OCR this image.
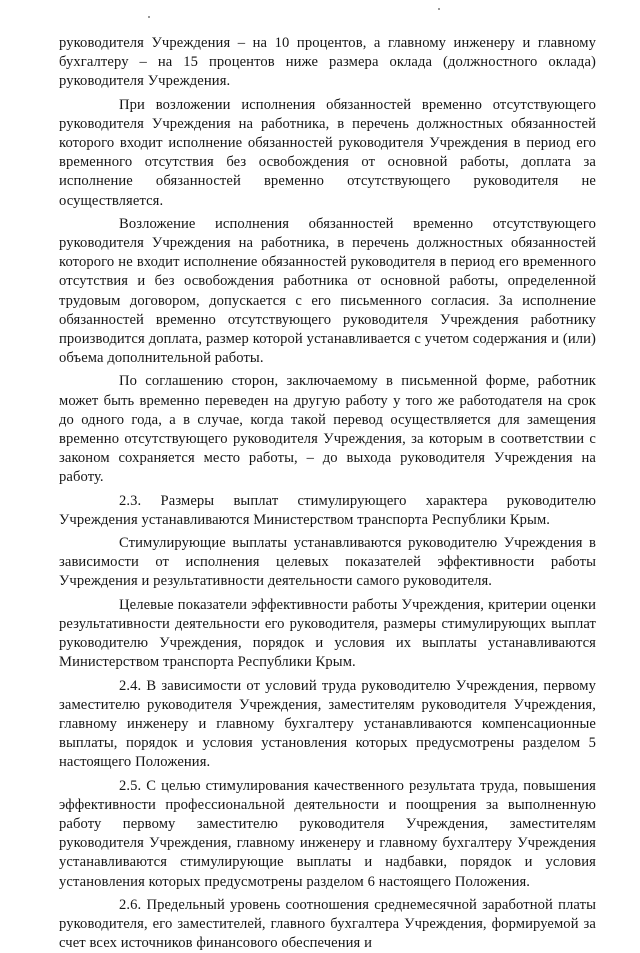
руководителя Учреждения – на 10 процентов, а главному инженеру и главному бухгалтеру – на 15 процентов ниже размера оклада (должностного оклада) руководителя Учреждения.

При возложении исполнения обязанностей временно отсутствующего руководителя Учреждения на работника, в перечень должностных обязанностей которого входит исполнение обязанностей руководителя Учреждения в период его временного отсутствия без освобождения от основной работы, доплата за исполнение обязанностей временно отсутствующего руководителя не осуществляется.

Возложение исполнения обязанностей временно отсутствующего руководителя Учреждения на работника, в перечень должностных обязанностей которого не входит исполнение обязанностей руководителя в период его временного отсутствия и без освобождения работника от основной работы, определенной трудовым договором, допускается с его письменного согласия. За исполнение обязанностей временно отсутствующего руководителя Учреждения работнику производится доплата, размер которой устанавливается с учетом содержания и (или) объема дополнительной работы.

По соглашению сторон, заключаемому в письменной форме, работник может быть временно переведен на другую работу у того же работодателя на срок до одного года, а в случае, когда такой перевод осуществляется для замещения временно отсутствующего руководителя Учреждения, за которым в соответствии с законом сохраняется место работы, – до выхода руководителя Учреждения на работу.

2.3. Размеры выплат стимулирующего характера руководителю Учреждения устанавливаются Министерством транспорта Республики Крым.

Стимулирующие выплаты устанавливаются руководителю Учреждения в зависимости от исполнения целевых показателей эффективности работы Учреждения и результативности деятельности самого руководителя.

Целевые показатели эффективности работы Учреждения, критерии оценки результативности деятельности его руководителя, размеры стимулирующих выплат руководителю Учреждения, порядок и условия их выплаты устанавливаются Министерством транспорта Республики Крым.

2.4. В зависимости от условий труда руководителю Учреждения, первому заместителю руководителя Учреждения, заместителям руководителя Учреждения, главному инженеру и главному бухгалтеру устанавливаются компенсационные выплаты, порядок и условия установления которых предусмотрены разделом 5 настоящего Положения.

2.5. С целью стимулирования качественного результата труда, повышения эффективности профессиональной деятельности и поощрения за выполненную работу первому заместителю руководителя Учреждения, заместителям руководителя Учреждения, главному инженеру и главному бухгалтеру Учреждения устанавливаются стимулирующие выплаты и надбавки, порядок и условия установления которых предусмотрены разделом 6 настоящего Положения.

2.6. Предельный уровень соотношения среднемесячной заработной платы руководителя, его заместителей, главного бухгалтера Учреждения, формируемой за счет всех источников финансового обеспечения и
